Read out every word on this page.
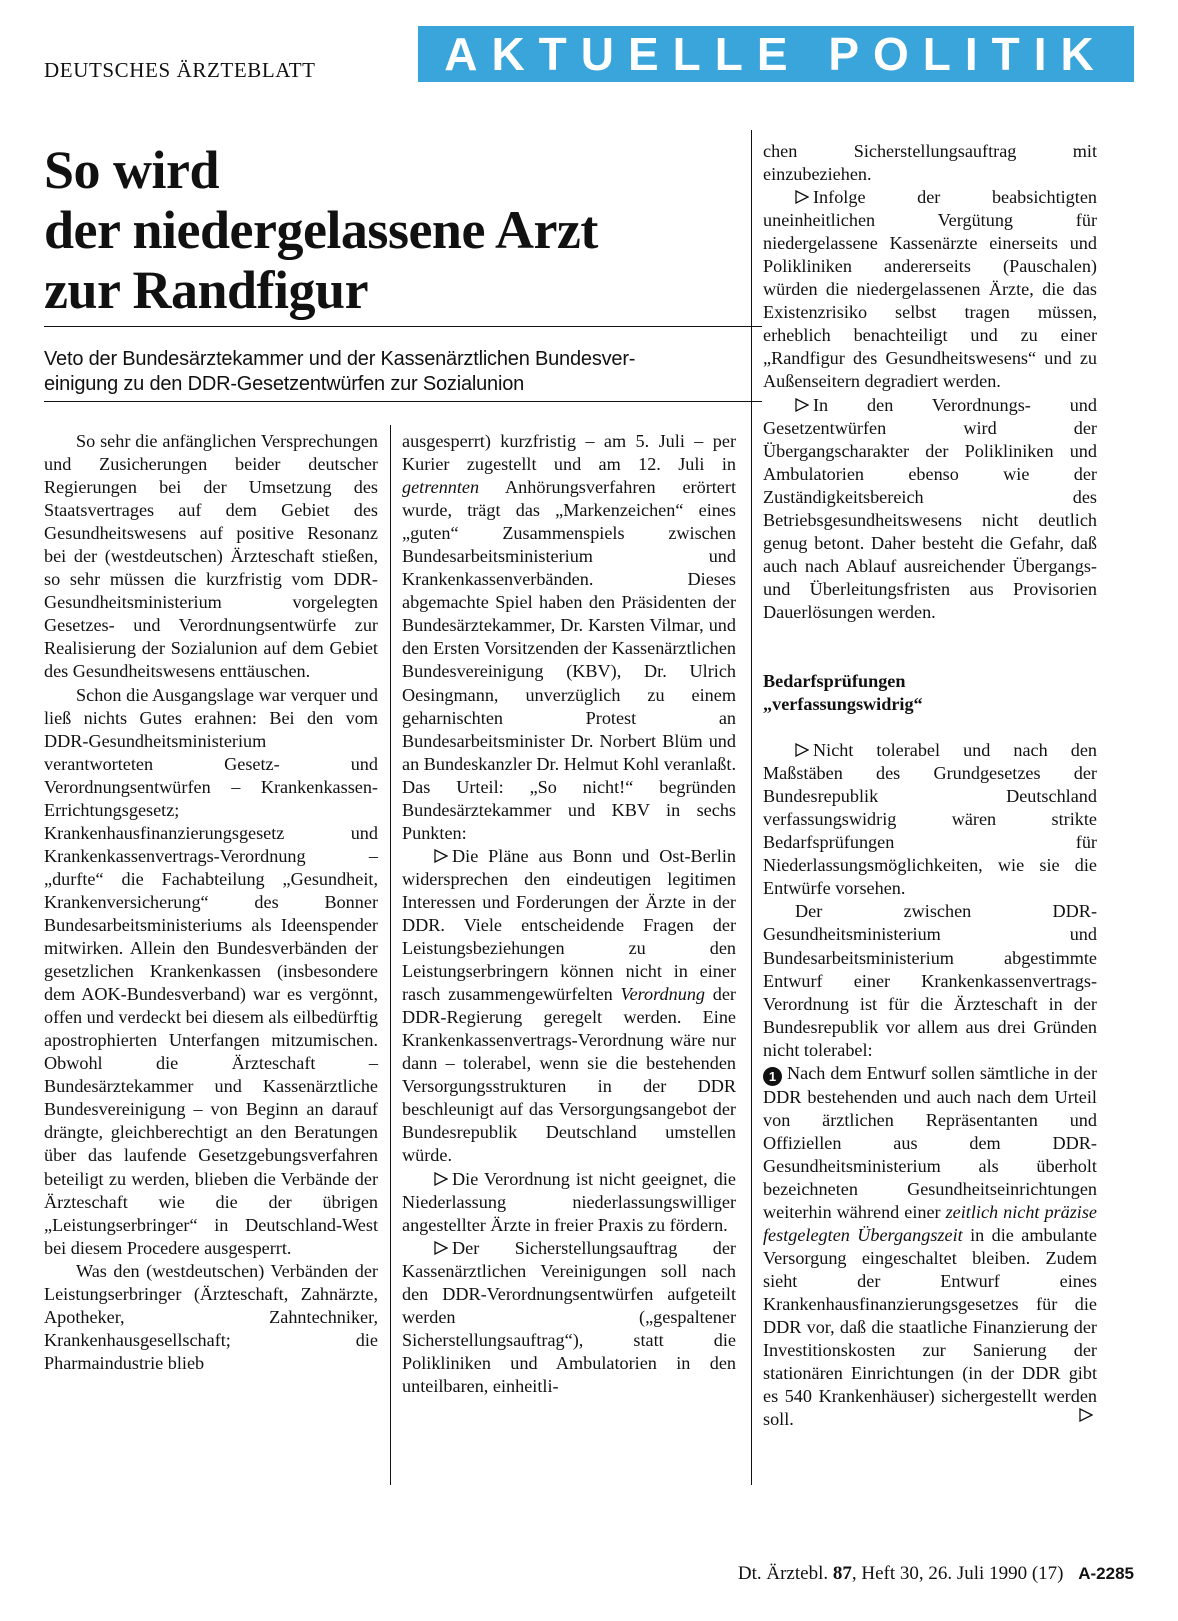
DEUTSCHES ÄRZTEBLATT	AKTUELLE POLITIK
So wird
der niedergelassene Arzt
zur Randfigur
Veto der Bundesärztekammer und der Kassenärztlichen Bundesver-
einigung zu den DDR-Gesetzentwürfen zur Sozialunion

So sehr die anfänglichen Versprechungen und Zusicherungen beider deutscher Regierungen bei der Umsetzung des Staatsvertrages auf dem Gebiet des Gesundheitswesens auf positive Resonanz bei der (westdeutschen) Ärzteschaft stießen, so sehr müssen die kurzfristig vom DDR-Gesundheitsministerium vorgelegten Gesetzes- und Verordnungsentwürfe zur Realisierung der Sozialunion auf dem Gebiet des Gesundheitswesens enttäuschen.

Schon die Ausgangslage war verquer und ließ nichts Gutes erahnen: Bei den vom DDR-Gesundheitsministerium verantworteten Gesetz- und Verordnungsentwürfen – Krankenkassen-Errichtungsgesetz; Krankenhausfinanzierungsgesetz und Krankenkassenvertrags-Verordnung – „durfte“ die Fachabteilung „Gesundheit, Krankenversicherung“ des Bonner Bundesarbeitsministeriums als Ideenspender mitwirken. Allein den Bundesverbänden der gesetzlichen Krankenkassen (insbesondere dem AOK-Bundesverband) war es vergönnt, offen und verdeckt bei diesem als eilbedürftig apostrophierten Unterfangen mitzumischen. Obwohl die Ärzteschaft – Bundesärztekammer und Kassenärztliche Bundesvereinigung – von Beginn an darauf drängte, gleichberechtigt an den Beratungen über das laufende Gesetzgebungsverfahren beteiligt zu werden, blieben die Verbände der Ärzteschaft wie die der übrigen „Leistungserbringer“ in Deutschland-West bei diesem Procedere ausgesperrt.

Was den (westdeutschen) Verbänden der Leistungserbringer (Ärzteschaft, Zahnärzte, Apotheker, Zahntechniker, Krankenhausgesellschaft; die Pharmaindustrie blieb

ausgesperrt) kurzfristig – am 5. Juli – per Kurier zugestellt und am 12. Juli in getrennten Anhörungsverfahren erörtert wurde, trägt das „Markenzeichen“ eines „guten“ Zusammenspiels zwischen Bundesarbeitsministerium und Krankenkassenverbänden. Dieses abgemachte Spiel haben den Präsidenten der Bundesärztekammer, Dr. Karsten Vilmar, und den Ersten Vorsitzenden der Kassenärztlichen Bundesvereinigung (KBV), Dr. Ulrich Oesingmann, unverzüglich zu einem geharnischten Protest an Bundesarbeitsminister Dr. Norbert Blüm und an Bundeskanzler Dr. Helmut Kohl veranlaßt. Das Urteil: „So nicht!“ begründen Bundesärztekammer und KBV in sechs Punkten:

Die Pläne aus Bonn und Ost-Berlin widersprechen den eindeutigen legitimen Interessen und Forderungen der Ärzte in der DDR. Viele entscheidende Fragen der Leistungsbeziehungen zu den Leistungserbringern können nicht in einer rasch zusammengewürfelten Verordnung der DDR-Regierung geregelt werden. Eine Krankenkassenvertrags-Verordnung wäre nur dann – tolerabel, wenn sie die bestehenden Versorgungsstrukturen in der DDR beschleunigt auf das Versorgungsangebot der Bundesrepublik Deutschland umstellen würde.

Die Verordnung ist nicht geeignet, die Niederlassung niederlassungswilliger angestellter Ärzte in freier Praxis zu fördern.

Der Sicherstellungsauftrag der Kassenärztlichen Vereinigungen soll nach den DDR-Verordnungsentwürfen aufgeteilt werden („gespaltener Sicherstellungsauftrag“), statt die Polikliniken und Ambulatorien in den unteilbaren, einheitli-

chen Sicherstellungsauftrag mit einzubeziehen.

Infolge der beabsichtigten uneinheitlichen Vergütung für niedergelassene Kassenärzte einerseits und Polikliniken andererseits (Pauschalen) würden die niedergelassenen Ärzte, die das Existenzrisiko selbst tragen müssen, erheblich benachteiligt und zu einer „Randfigur des Gesundheitswesens“ und zu Außenseitern degradiert werden.

In den Verordnungs- und Gesetzentwürfen wird der Übergangscharakter der Polikliniken und Ambulatorien ebenso wie der Zuständigkeitsbereich des Betriebsgesundheitswesens nicht deutlich genug betont. Daher besteht die Gefahr, daß auch nach Ablauf ausreichender Übergangs- und Überleitungsfristen aus Provisorien Dauerlösungen werden.

Bedarfsprüfungen
„verfassungswidrig“

Nicht tolerabel und nach den Maßstäben des Grundgesetzes der Bundesrepublik Deutschland verfassungswidrig wären strikte Bedarfsprüfungen für Niederlassungsmöglichkeiten, wie sie die Entwürfe vorsehen.

Der zwischen DDR-Gesundheitsministerium und Bundesarbeitsministerium abgestimmte Entwurf einer Krankenkassenvertrags-Verordnung ist für die Ärzteschaft in der Bundesrepublik vor allem aus drei Gründen nicht tolerabel:

1 Nach dem Entwurf sollen sämtliche in der DDR bestehenden und auch nach dem Urteil von ärztlichen Repräsentanten und Offiziellen aus dem DDR-Gesundheitsministerium als überholt bezeichneten Gesundheitseinrichtungen weiterhin während einer zeitlich nicht präzise festgelegten Übergangszeit in die ambulante Versorgung eingeschaltet bleiben. Zudem sieht der Entwurf eines Krankenhausfinanzierungsgesetzes für die DDR vor, daß die staatliche Finanzierung der Investitionskosten zur Sanierung der stationären Einrichtungen (in der DDR gibt es 540 Krankenhäuser) sichergestellt werden soll.

Dt. Ärztebl. 87, Heft 30, 26. Juli 1990 (17) A-2285
